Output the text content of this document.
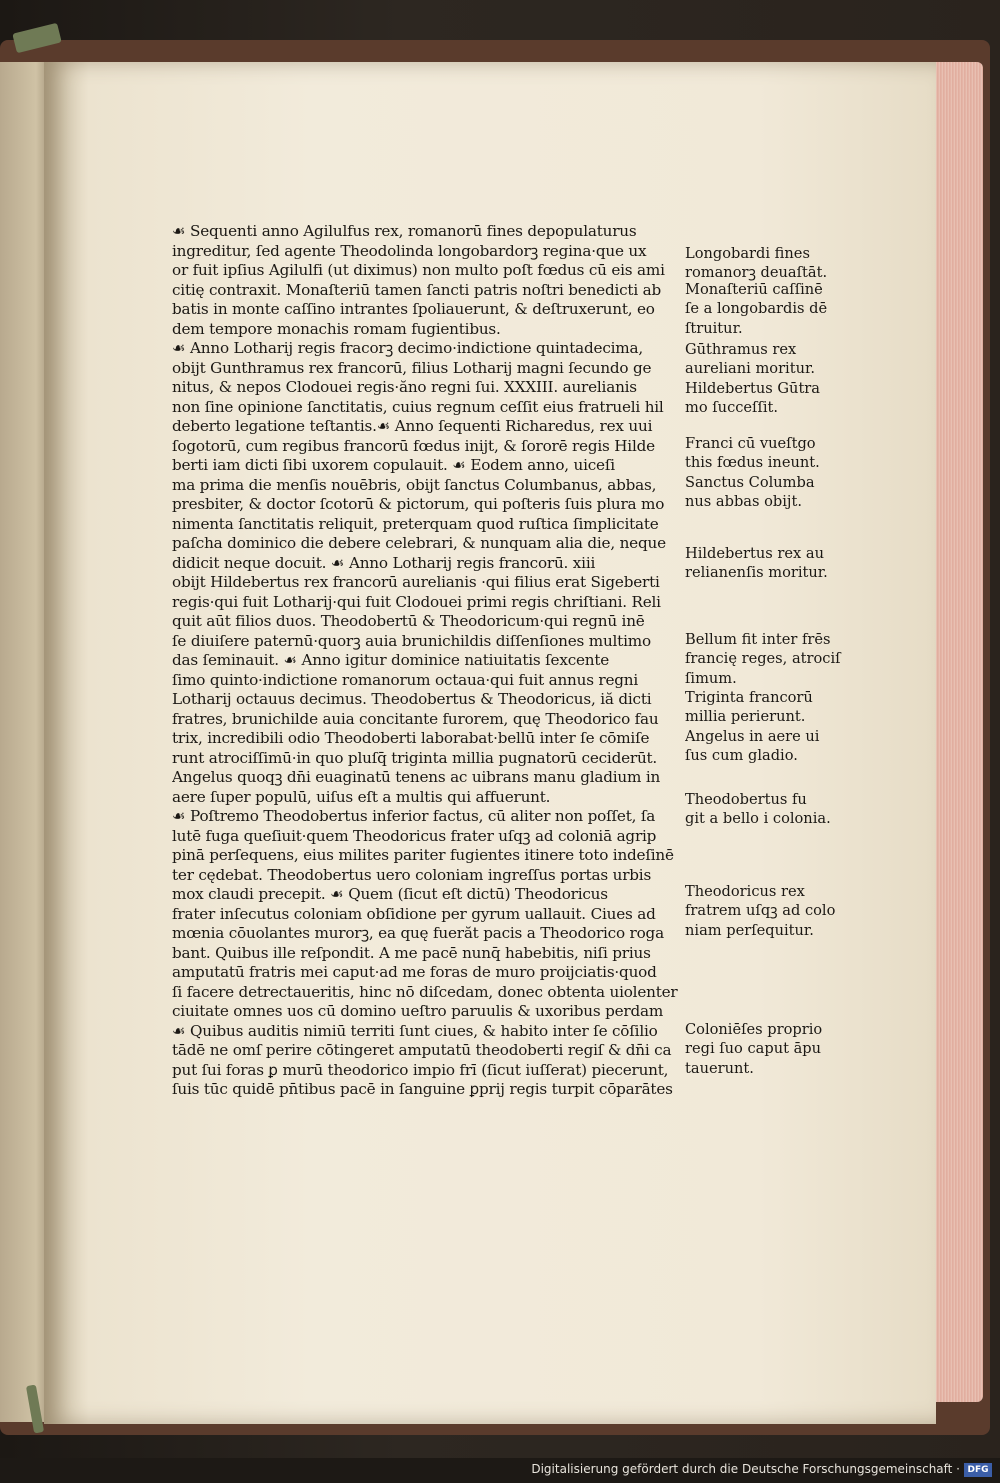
☙ Sequenti anno Agilulfus rex, romanorū fines depopulaturus
ingreditur, ſed agente Theodolinda longobardorꝫ regina·que ux
or fuit ipſius Agilulfi (ut diximus) non multo poſt fœdus cū eis ami
citię contraxit. Monaſteriū tamen ſancti patris noſtri benedicti ab
batis in monte caſſino intrantes ſpoliauerunt, & deſtruxerunt, eo
dem tempore monachis romam fugientibus.
☙ Anno Lotharij regis fracorꝫ decimo·indictione quintadecima,
obijt Gunthramus rex francorū, filius Lotharij magni ſecundo ge
nitus, & nepos Clodouei regis·ăno regni ſui. XXXIII. aurelianis
non ſine opinione ſanctitatis, cuius regnum ceſſit eius fratrueli hil
deberto legatione teſtantis.☙ Anno ſequenti Richaredus, rex uui
ſogotorū, cum regibus francorū fœdus inijt, & ſororē regis Hilde
berti iam dicti ſibi uxorem copulauit. ☙ Eodem anno, uiceſi
ma prima die menſis nouēbris, obijt ſanctus Columbanus, abbas,
presbiter, & doctor ſcotorū & pictorum, qui poſteris ſuis plura mo
nimenta ſanctitatis reliquit, preterquam quod ruſtica ſimplicitate
paſcha dominico die debere celebrari, & nunquam alia die, neque
didicit neque docuit. ☙ Anno Lotharij regis francorū. xiii
obijt Hildebertus rex francorū aurelianis ·qui filius erat Sigeberti
regis·qui fuit Lotharij·qui fuit Clodouei primi regis chriſtiani. Reli
quit aūt filios duos. Theodobertū & Theodoricum·qui regnū inē
ſe diuiſere paternū·quorꝫ auia brunichildis diſſenſiones multimo
das ſeminauit. ☙ Anno igitur dominice natiuitatis ſexcente
ſimo quinto·indictione romanorum octaua·qui fuit annus regni
Lotharij octauus decimus. Theodobertus & Theodoricus, iă dicti
fratres, brunichilde auia concitante furorem, quę Theodorico fau
trix, incredibili odio Theodoberti laborabat·bellū inter ſe cōmiſe
runt atrociſſimū·in quo pluſq̄ triginta millia pugnatorū ceciderūt.
Angelus quoqꝫ dn̄i euaginatū tenens ac uibrans manu gladium in
aere ſuper populū, uiſus eſt a multis qui affuerunt.
☙ Poſtremo Theodobertus inferior factus, cū aliter non poſſet, ſa
lutē fuga queſiuit·quem Theodoricus frater uſqꝫ ad coloniā agrip
pinā perſequens, eius milites pariter fugientes itinere toto indeſinē
ter cędebat. Theodobertus uero coloniam ingreſſus portas urbis
mox claudi precepit. ☙ Quem (ſicut eſt dictū) Theodoricus
frater inſecutus coloniam obſidione per gyrum uallauit. Ciues ad
mœnia cōuolantes murorꝫ, ea quę fuerăt pacis a Theodorico roga
bant. Quibus ille reſpondit. A me pacē nunq̄ habebitis, niſi prius
amputatū fratris mei caput·ad me foras de muro proijciatis·quod
ſi facere detrectaueritis, hinc nō diſcedam, donec obtenta uiolenter
ciuitate omnes uos cū domino ueſtro paruulis & uxoribus perdam
☙ Quibus auditis nimiū territi ſunt ciues, & habito inter ſe cōſilio
tādē ne omſ perire cōtingeret amputatū theodoberti regiſ & dn̄i ca
put ſui foras ꝑ murū theodorico impio frī (ſicut iuſſerat) piecerunt,
ſuis tūc quidē pn̄tibus pacē in ſanguine ꝑprij regis turpit cōparātes
Longobardi fines
romanorꝫ deuaſtāt.
Monaſteriū caſſinē
ſe a longobardis dē
ſtruitur.
Gūthramus rex
aureliani moritur.
Hildebertus Gūtra
mo ſucceſſit.
Franci cū vueſtgo
this fœdus ineunt.
Sanctus Columba
nus abbas obijt.
Hildebertus rex au
relianenſis moritur.
Bellum fit inter frēs
francię reges, atrociſ
ſimum.
Triginta francorū
millia perierunt.
Angelus in aere ui
ſus cum gladio.
Theodobertus fu
git a bello i colonia.
Theodoricus rex
fratrem uſqꝫ ad colo
niam perſequitur.
Coloniēſes proprio
regi ſuo caput āpu
tauerunt.
Digitalisierung gefördert durch die Deutsche Forschungsgemeinschaft · DFG
